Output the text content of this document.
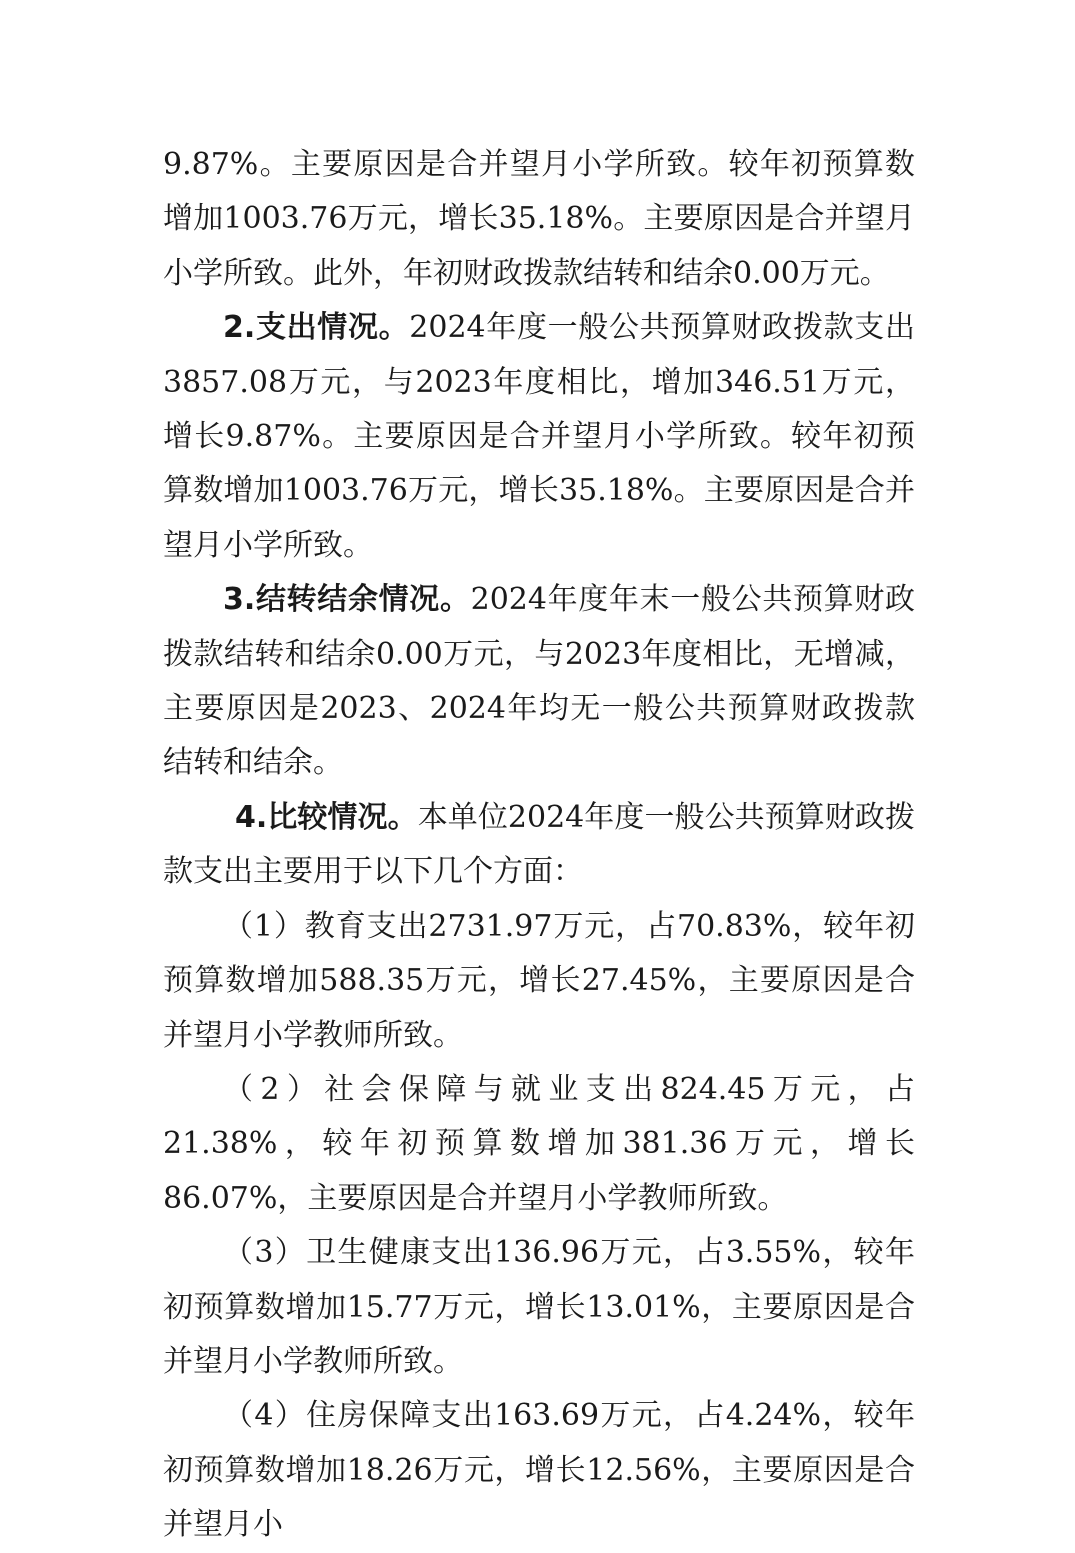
9.87%。主要原因是合并望月小学所致。较年初预算数增加1003.76万元，增长35.18%。主要原因是合并望月小学所致。此外，年初财政拨款结转和结余0.00万元。

2.支出情况。2024年度一般公共预算财政拨款支出3857.08万元，与2023年度相比，增加346.51万元，增长9.87%。主要原因是合并望月小学所致。较年初预算数增加1003.76万元，增长35.18%。主要原因是合并望月小学所致。

3.结转结余情况。2024年度年末一般公共预算财政拨款结转和结余0.00万元，与2023年度相比，无增减，主要原因是2023、2024年均无一般公共预算财政拨款结转和结余。

4.比较情况。本单位2024年度一般公共预算财政拨款支出主要用于以下几个方面：

（1）教育支出2731.97万元，占70.83%，较年初预算数增加588.35万元，增长27.45%，主要原因是合并望月小学教师所致。

（2）社会保障与就业支出824.45万元，占21.38%，较年初预算数增加381.36万元，增长86.07%，主要原因是合并望月小学教师所致。

（3）卫生健康支出136.96万元，占3.55%，较年初预算数增加15.77万元，增长13.01%，主要原因是合并望月小学教师所致。

（4）住房保障支出163.69万元，占4.24%，较年初预算数增加18.26万元，增长12.56%，主要原因是合并望月小
